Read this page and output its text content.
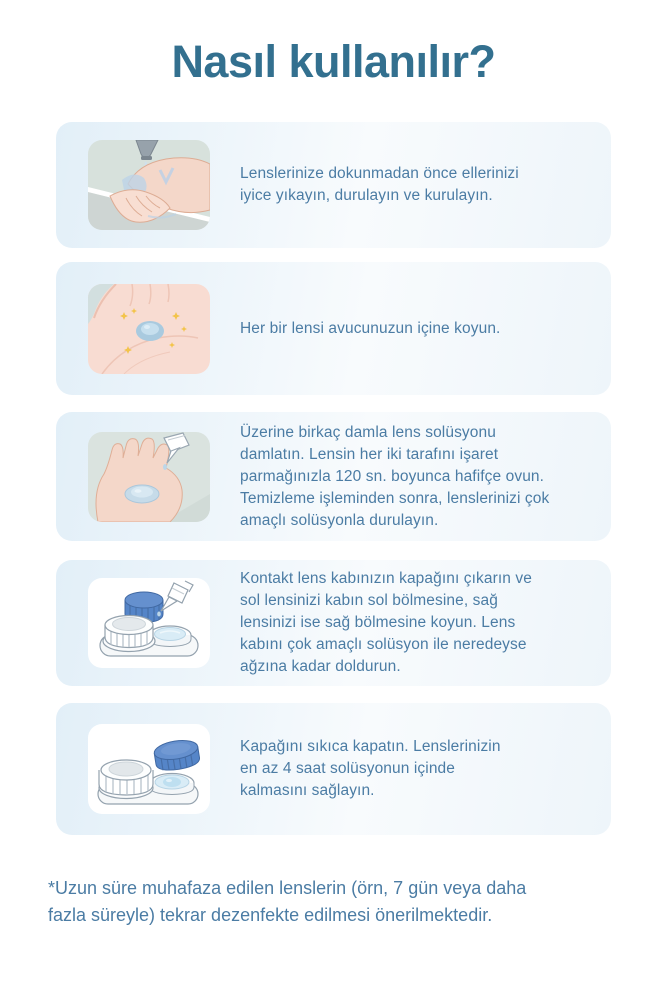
Nasıl kullanılır?
Lenslerinize dokunmadan önce ellerinizi
iyice yıkayın, durulayın ve kurulayın.
Her bir lensi avucunuzun içine koyun.
Üzerine birkaç damla lens solüsyonu
damlatın. Lensin her iki tarafını işaret
parmağınızla 120 sn. boyunca hafifçe ovun.
Temizleme işleminden sonra, lenslerinizi çok
amaçlı solüsyonla durulayın.
Kontakt lens kabınızın kapağını çıkarın ve
sol lensinizi kabın sol bölmesine, sağ
lensinizi ise sağ bölmesine koyun. Lens
kabını çok amaçlı solüsyon ile neredeyse
ağzına kadar doldurun.
Kapağını sıkıca kapatın. Lenslerinizin
en az 4 saat solüsyonun içinde
kalmasını sağlayın.
*Uzun süre muhafaza edilen lenslerin (örn, 7 gün veya daha
fazla süreyle) tekrar dezenfekte edilmesi önerilmektedir.
